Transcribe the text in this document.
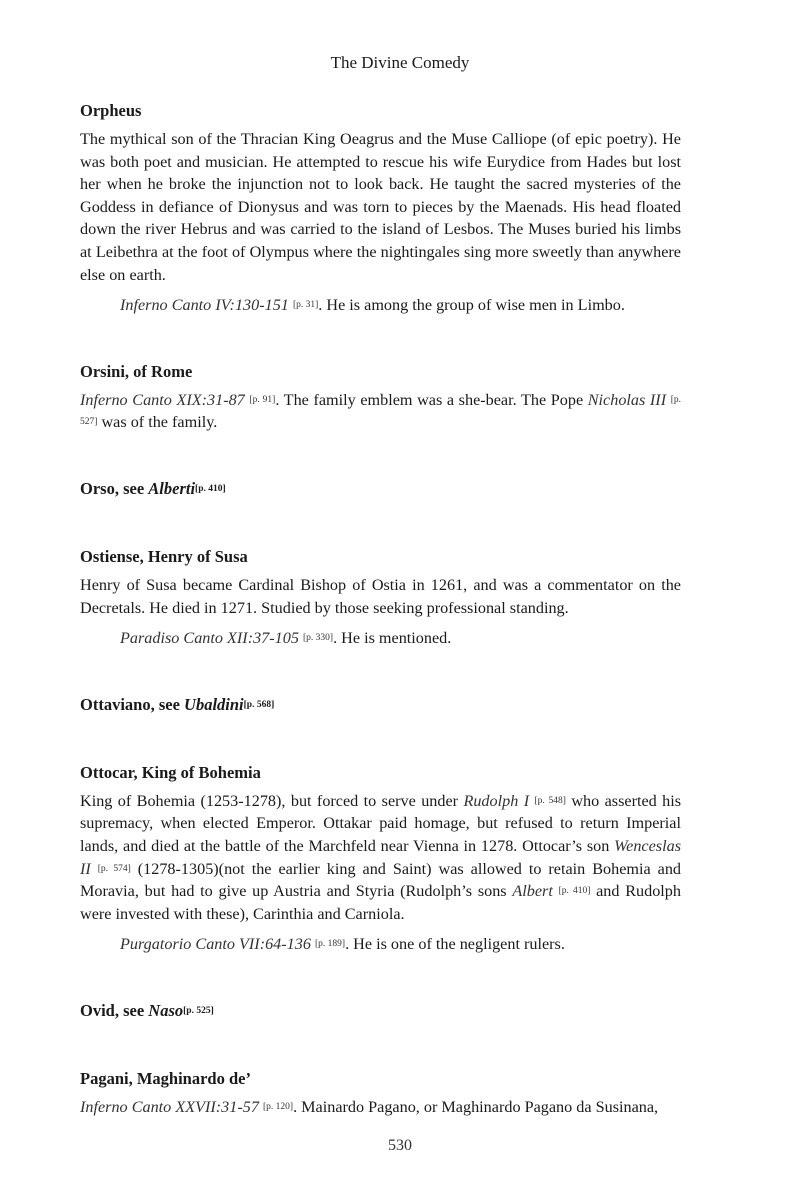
The Divine Comedy
Orpheus

The mythical son of the Thracian King Oeagrus and the Muse Calliope (of epic poetry). He was both poet and musician. He attempted to rescue his wife Eurydice from Hades but lost her when he broke the injunction not to look back. He taught the sacred mysteries of the Goddess in defiance of Dionysus and was torn to pieces by the Maenads. His head floated down the river Hebrus and was carried to the island of Lesbos. The Muses buried his limbs at Leibethra at the foot of Olympus where the nightingales sing more sweetly than anywhere else on earth.

Inferno Canto IV:130-151 [p. 31]. He is among the group of wise men in Limbo.

Orsini, of Rome

Inferno Canto XIX:31-87 [p. 91]. The family emblem was a she-bear. The Pope Nicholas III [p. 527] was of the family.

Orso, see Alberti[p. 410]
Ostiense, Henry of Susa

Henry of Susa became Cardinal Bishop of Ostia in 1261, and was a commentator on the Decretals. He died in 1271. Studied by those seeking professional standing.

Paradiso Canto XII:37-105 [p. 330]. He is mentioned.

Ottaviano, see Ubaldini[p. 568]
Ottocar, King of Bohemia

King of Bohemia (1253-1278), but forced to serve under Rudolph I [p. 548] who asserted his supremacy, when elected Emperor. Ottakar paid homage, but refused to return Imperial lands, and died at the battle of the Marchfeld near Vienna in 1278. Ottocar’s son Wenceslas II [p. 574] (1278-1305)(not the earlier king and Saint) was allowed to retain Bohemia and Moravia, but had to give up Austria and Styria (Rudolph’s sons Albert [p. 410] and Rudolph were invested with these), Carinthia and Carniola.

Purgatorio Canto VII:64-136 [p. 189]. He is one of the negligent rulers.

Ovid, see Naso[p. 525]
Pagani, Maghinardo de’

Inferno Canto XXVII:31-57 [p. 120]. Mainardo Pagano, or Maghinardo Pagano da Susinana,

530
